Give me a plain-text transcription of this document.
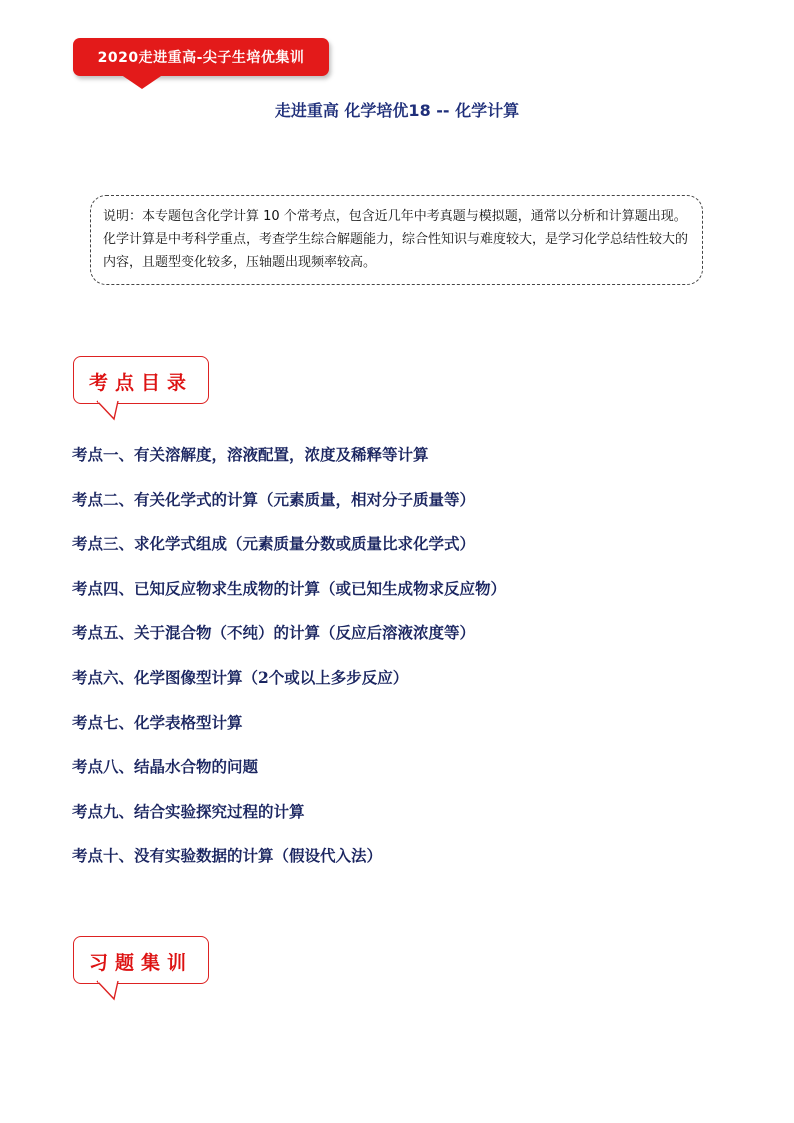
2020走进重高-尖子生培优集训
走进重高 化学培优18 -- 化学计算
说明：本专题包含化学计算 10 个常考点，包含近几年中考真题与模拟题，通常以分析和计算题出现。化学计算是中考科学重点，考查学生综合解题能力，综合性知识与难度较大，是学习化学总结性较大的内容，且题型变化较多，压轴题出现频率较高。
考点目录
考点一、有关溶解度，溶液配置，浓度及稀释等计算
考点二、有关化学式的计算（元素质量，相对分子质量等）
考点三、求化学式组成（元素质量分数或质量比求化学式）
考点四、已知反应物求生成物的计算（或已知生成物求反应物）
考点五、关于混合物（不纯）的计算（反应后溶液浓度等）
考点六、化学图像型计算（2个或以上多步反应）
考点七、化学表格型计算
考点八、结晶水合物的问题
考点九、结合实验探究过程的计算
考点十、没有实验数据的计算（假设代入法）
习题集训
